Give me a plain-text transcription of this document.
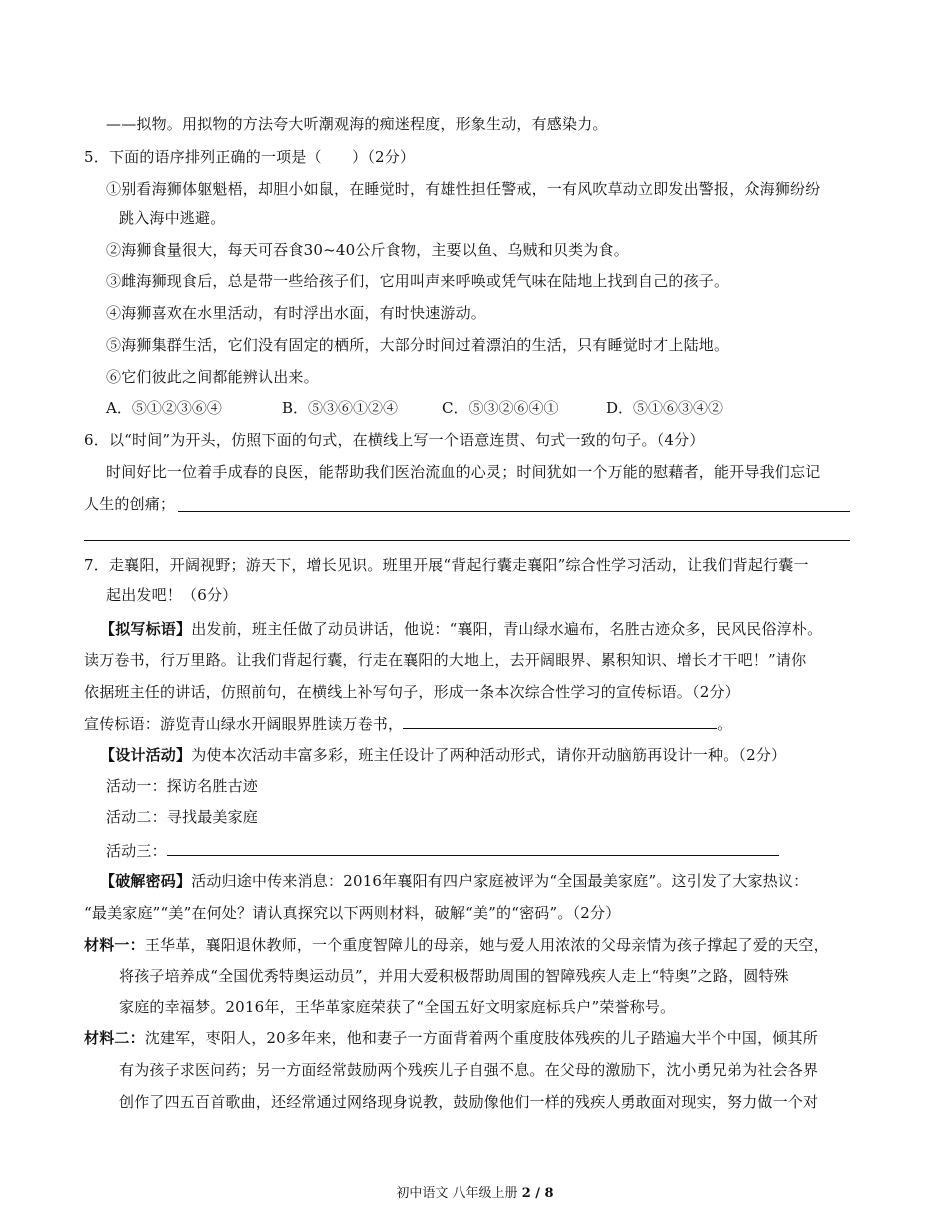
——拟物。用拟物的方法夸大听潮观海的痴迷程度，形象生动，有感染力。
5．下面的语序排列正确的一项是（　　）（2分）
①别看海狮体躯魁梧，却胆小如鼠，在睡觉时，有雄性担任警戒，一有风吹草动立即发出警报，众海狮纷纷
跳入海中逃避。
②海狮食量很大，每天可吞食30~40公斤食物，主要以鱼、乌贼和贝类为食。
③雌海狮现食后，总是带一些给孩子们，它用叫声来呼唤或凭气味在陆地上找到自己的孩子。
④海狮喜欢在水里活动，有时浮出水面，有时快速游动。
⑤海狮集群生活，它们没有固定的栖所，大部分时间过着漂泊的生活，只有睡觉时才上陆地。
⑥它们彼此之间都能辨认出来。
A．⑤①②③⑥④	B．⑤③⑥①②④	C．⑤③②⑥④①	D．⑤①⑥③④②
6．以“时间”为开头，仿照下面的句式，在横线上写一个语意连贯、句式一致的句子。（4分）
时间好比一位着手成春的良医，能帮助我们医治流血的心灵；时间犹如一个万能的慰藉者，能开导我们忘记
人生的创痛；
7．走襄阳，开阔视野；游天下，增长见识。班里开展“背起行囊走襄阳”综合性学习活动，让我们背起行囊一
起出发吧！（6分）
【拟写标语】出发前，班主任做了动员讲话，他说：“襄阳，青山绿水遍布，名胜古迹众多，民风民俗淳朴。
读万卷书，行万里路。让我们背起行囊，行走在襄阳的大地上，去开阔眼界、累积知识、增长才干吧！”请你
依据班主任的讲话，仿照前句，在横线上补写句子，形成一条本次综合性学习的宣传标语。（2分）
宣传标语：游览青山绿水开阔眼界胜读万卷书，	。
【设计活动】为使本次活动丰富多彩，班主任设计了两种活动形式，请你开动脑筋再设计一种。（2分）
活动一：探访名胜古迹
活动二：寻找最美家庭
活动三：
【破解密码】活动归途中传来消息：2016年襄阳有四户家庭被评为“全国最美家庭”。这引发了大家热议：
“最美家庭”“美”在何处？请认真探究以下两则材料，破解“美”的“密码”。（2分）
材料一：王华革，襄阳退休教师，一个重度智障儿的母亲，她与爱人用浓浓的父母亲情为孩子撑起了爱的天空，
将孩子培养成“全国优秀特奥运动员”，并用大爱积极帮助周围的智障残疾人走上“特奥”之路，圆特殊
家庭的幸福梦。2016年，王华革家庭荣获了“全国五好文明家庭标兵户”荣誉称号。
材料二：沈建军，枣阳人，20多年来，他和妻子一方面背着两个重度肢体残疾的儿子踏遍大半个中国，倾其所
有为孩子求医问药；另一方面经常鼓励两个残疾儿子自强不息。在父母的激励下，沈小勇兄弟为社会各界
创作了四五百首歌曲，还经常通过网络现身说教，鼓励像他们一样的残疾人勇敢面对现实，努力做一个对
初中语文 八年级上册 2 / 8
